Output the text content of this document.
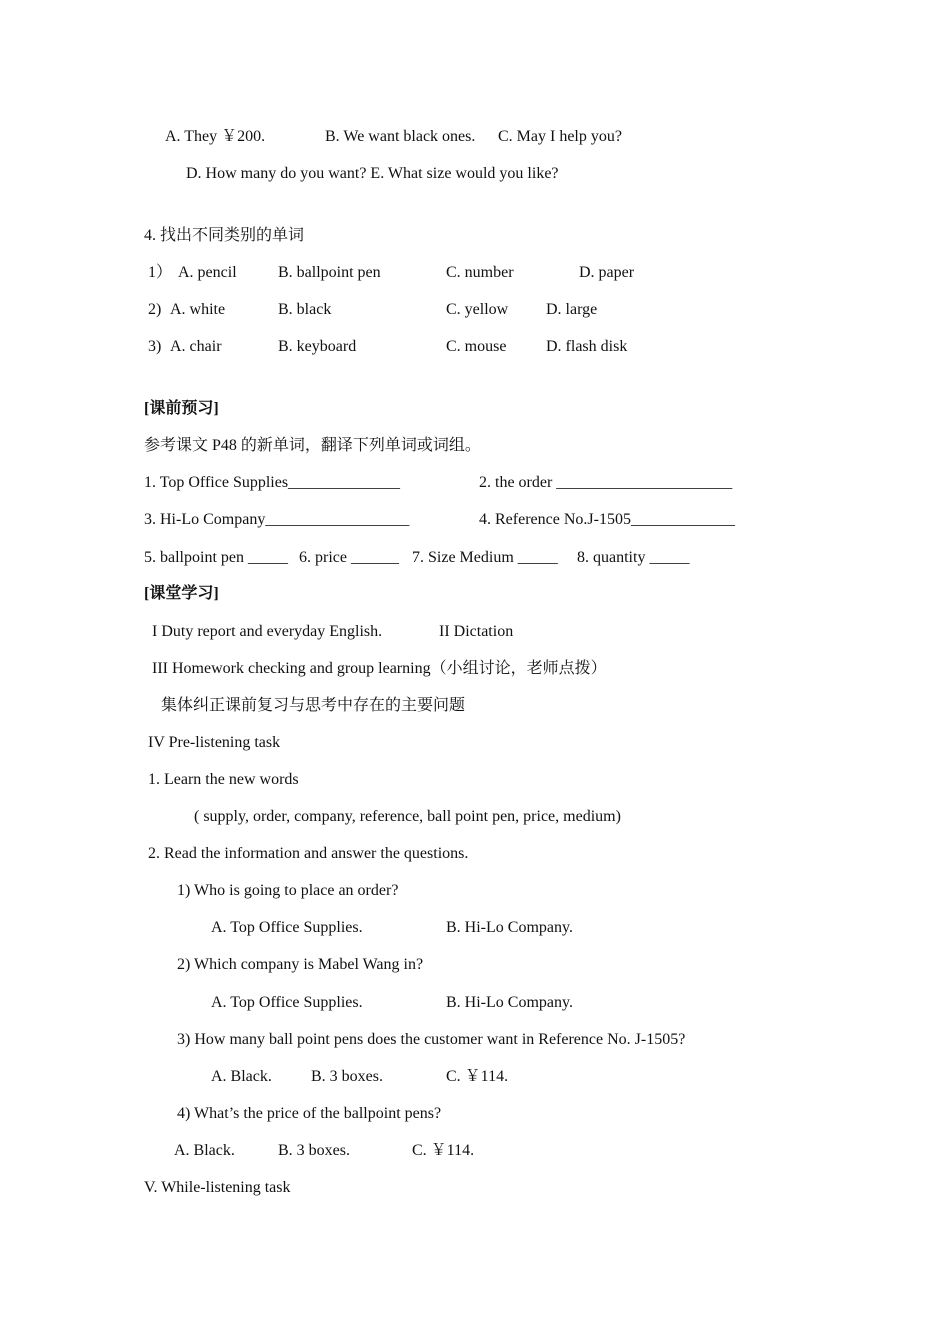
A. They ￥200.	B. We want black ones. C. May I help you?
D. How many do you want? E. What size would you like?
4. 找出不同类别的单词
1） A. pencil	B. ballpoint pen	C. number	D. paper
2) A. white	B. black	C. yellow D. large
3) A. chair	B. keyboard	C. mouse D. flash disk
[课前预习]
参考课文 P48 的新单词，翻译下列单词或词组。
1. Top Office Supplies______________	2. the order ______________________
3. Hi-Lo Company__________________	4. Reference No.J-1505_____________
5. ballpoint pen _____ 6. price ______ 7. Size Medium _____ 8. quantity _____
[课堂学习]
I Duty report and everyday English.	II Dictation
III Homework checking and group learning（小组讨论，老师点拨）
集体纠正课前复习与思考中存在的主要问题
IV Pre-listening task
1. Learn the new words
( supply, order, company, reference, ball point pen, price, medium)
2. Read the information and answer the questions.
1) Who is going to place an order?
A. Top Office Supplies.	B. Hi-Lo Company.
2) Which company is Mabel Wang in?
A. Top Office Supplies.	B. Hi-Lo Company.
3) How many ball point pens does the customer want in Reference No. J-1505?
A. Black. B. 3 boxes.	C. ￥114.
4) What’s the price of the ballpoint pens?
A. Black.	B. 3 boxes.	C. ￥114.
V. While-listening task
